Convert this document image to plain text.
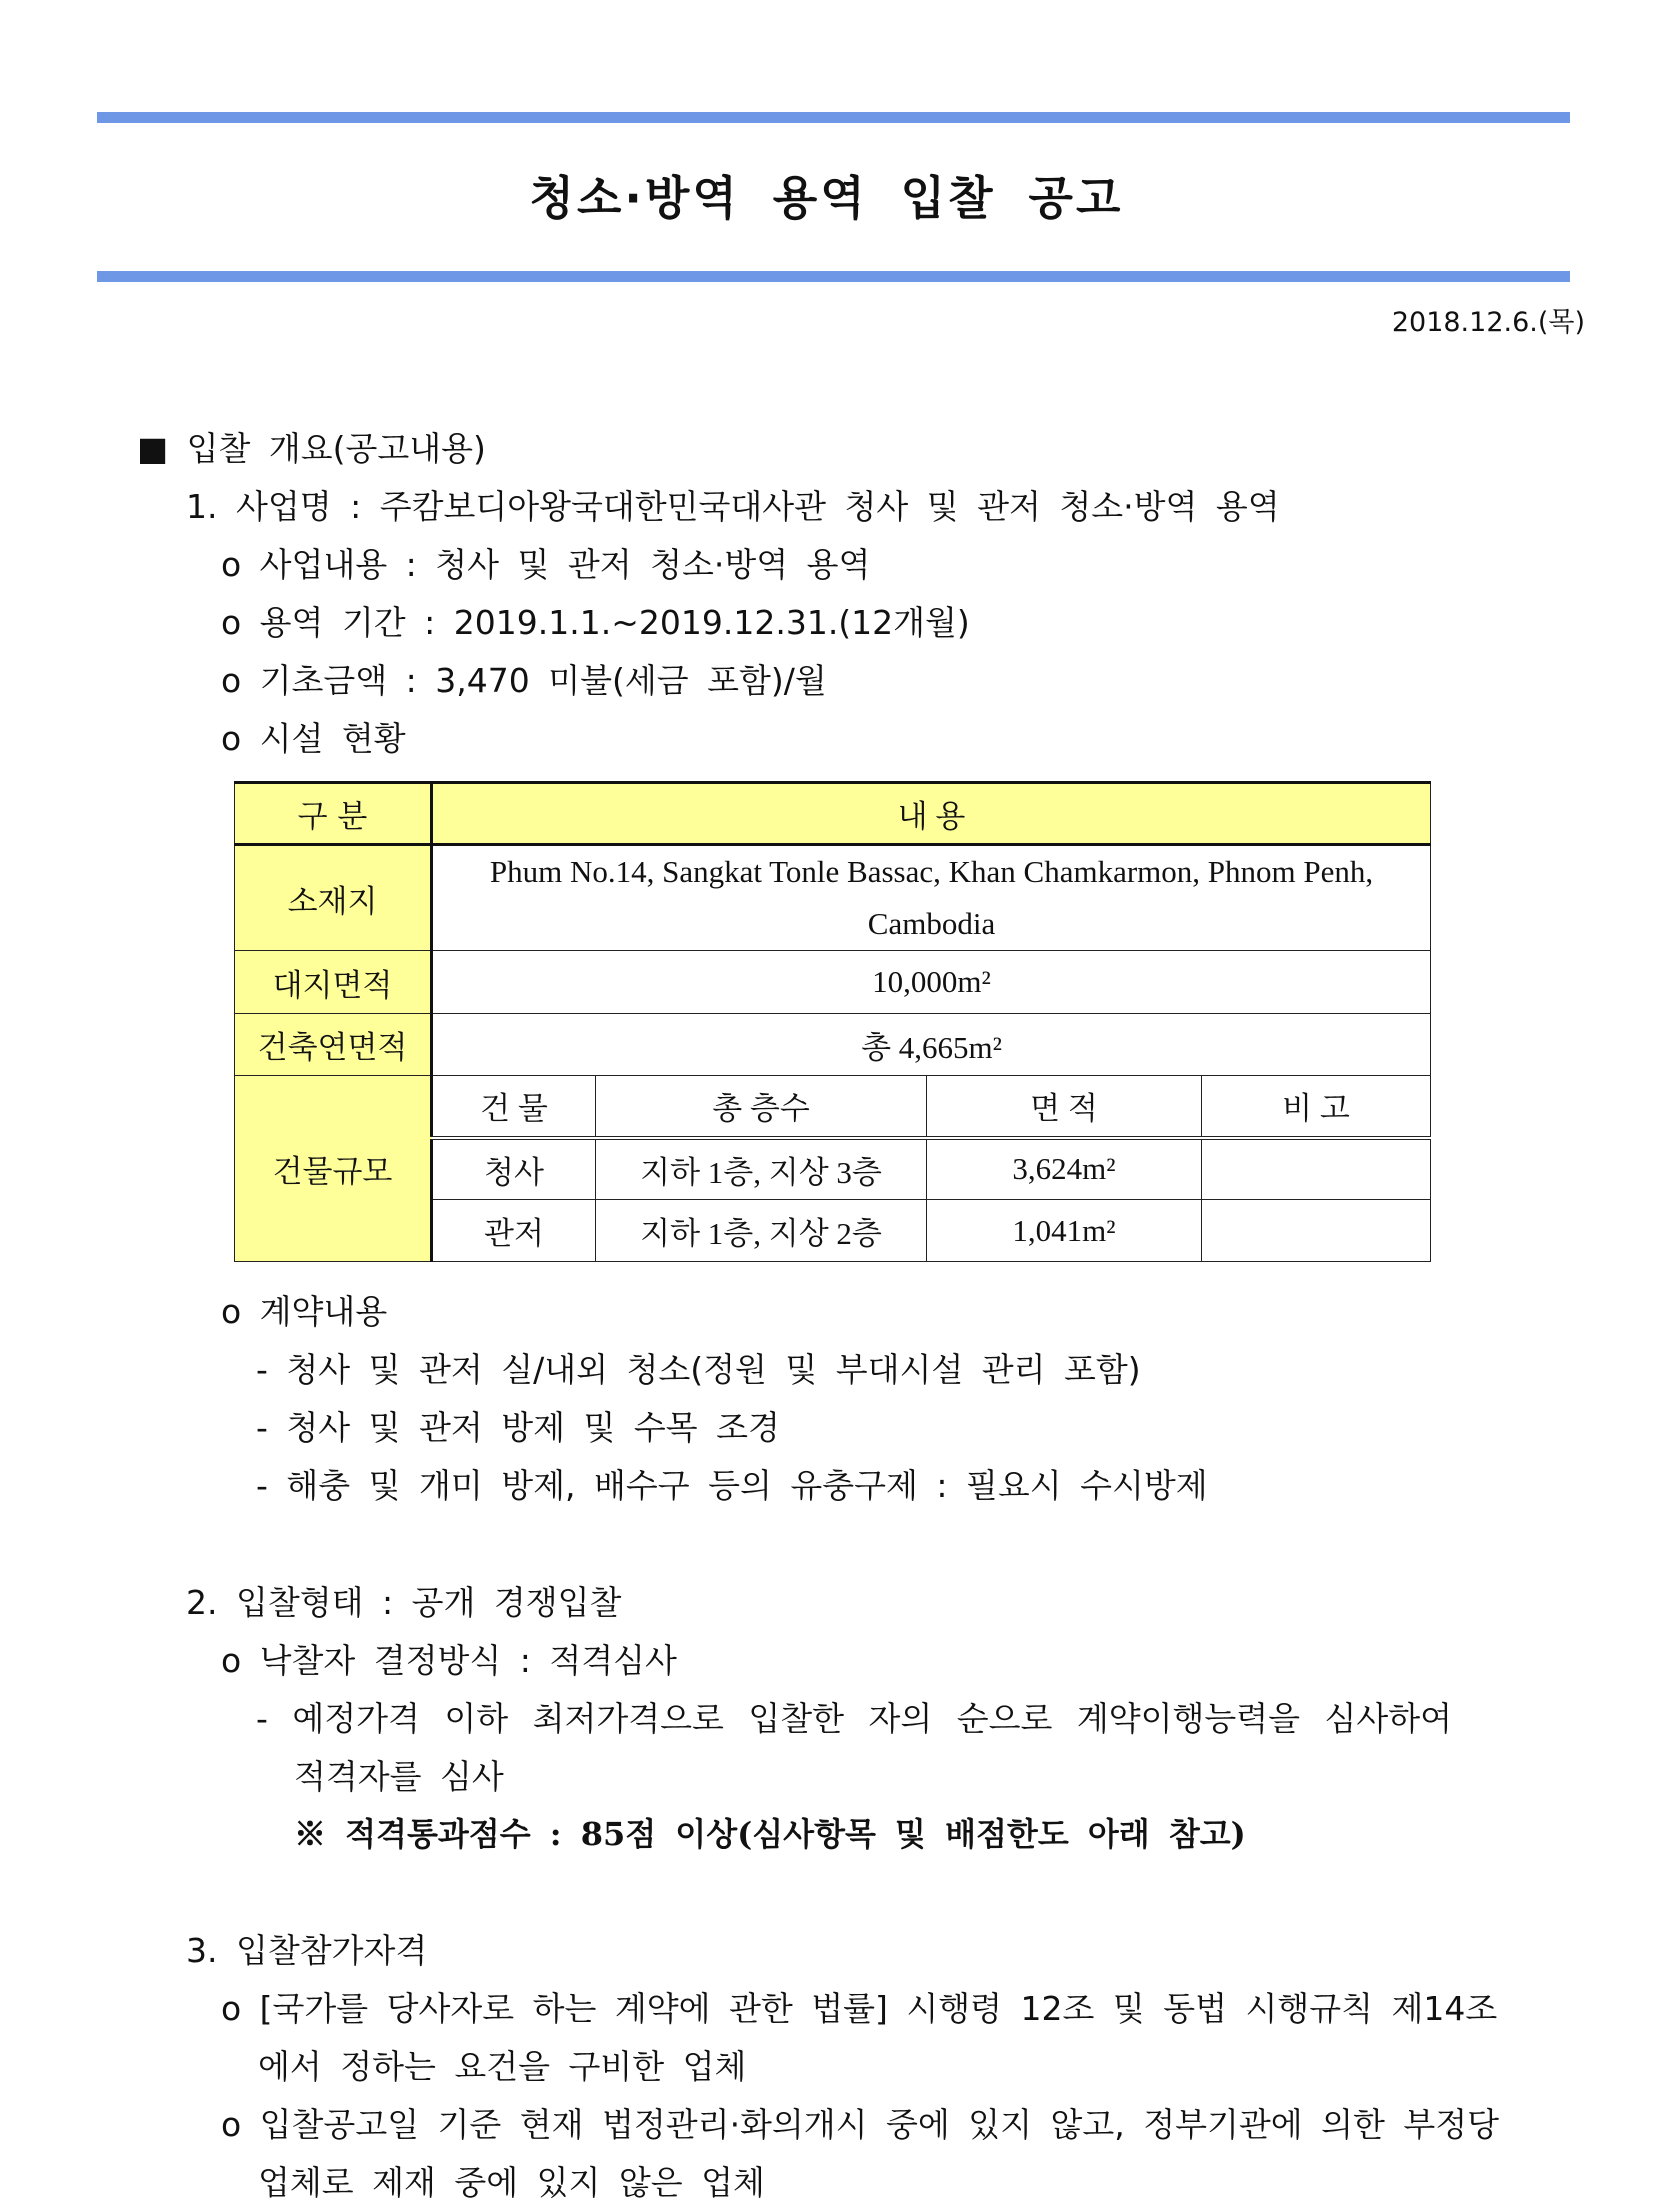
청소·방역 용역 입찰 공고
2018.12.6.(목)
■ 입찰 개요(공고내용)
1. 사업명 : 주캄보디아왕국대한민국대사관 청사 및 관저 청소·방역 용역
o 사업내용 : 청사 및 관저 청소·방역 용역
o 용역 기간 : 2019.1.1.~2019.12.31.(12개월)
o 기초금액 : 3,470 미불(세금 포함)/월
o 시설 현황
구 분	내 용			
소재지	Phum No.14, Sangkat Tonle Bassac, Khan Chamkarmon, Phnom Penh, Cambodia			
대지면적	10,000m²			
건축연면적	총 4,665m²			
건물규모	건 물	총 층수	면 적	비 고
	청사	지하 1층, 지상 3층	3,624m²	
	관저	지하 1층, 지상 2층	1,041m²	
o 계약내용
- 청사 및 관저 실/내외 청소(정원 및 부대시설 관리 포함)
- 청사 및 관저 방제 및 수목 조경
- 해충 및 개미 방제, 배수구 등의 유충구제 : 필요시 수시방제
2. 입찰형태 : 공개 경쟁입찰
o 낙찰자 결정방식 : 적격심사
- 예정가격 이하 최저가격으로 입찰한 자의 순으로 계약이행능력을 심사하여
적격자를 심사
※ 적격통과점수 : 85점 이상(심사항목 및 배점한도 아래 참고)
3. 입찰참가자격
o [국가를 당사자로 하는 계약에 관한 법률] 시행령 12조 및 동법 시행규칙 제14조
에서 정하는 요건을 구비한 업체
o 입찰공고일 기준 현재 법정관리·화의개시 중에 있지 않고, 정부기관에 의한 부정당
업체로 제재 중에 있지 않은 업체
